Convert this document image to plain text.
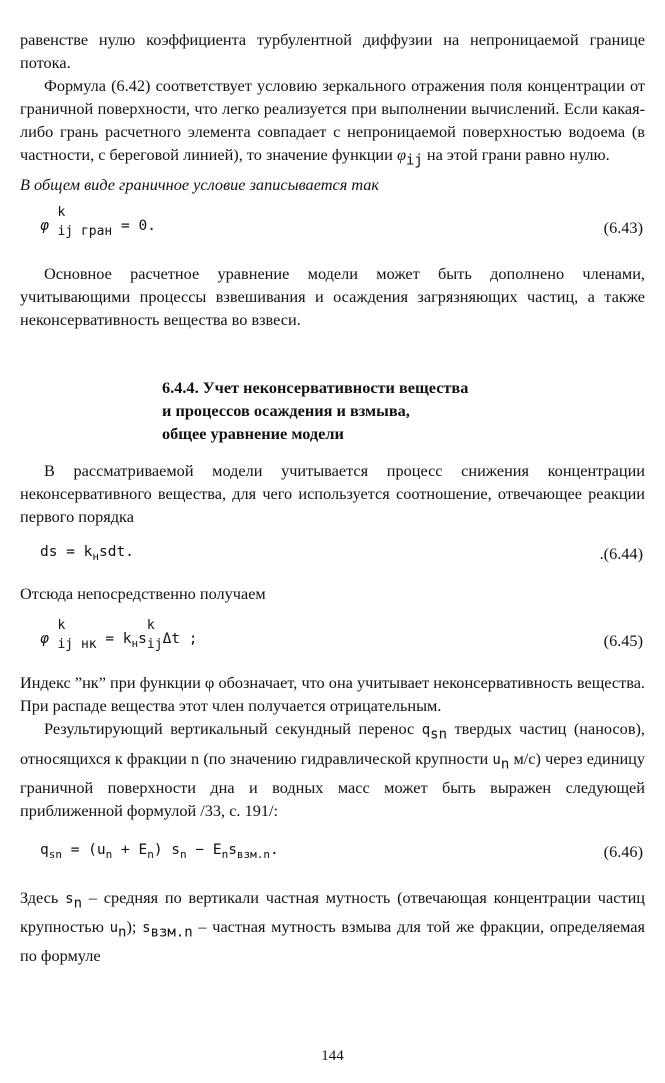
равенстве нулю коэффициента турбулентной диффузии на непроницаемой границе потока.

Формула (6.42) соответствует условию зеркального отражения поля концентрации от граничной поверхности, что легко реализуется при выполнении вычислений. Если какая-либо грань расчетного элемента совпадает с непроницаемой поверхностью водоема (в частности, с береговой линией), то значение функции $\varphi_{ij}$ на этой грани равно нулю.

В общем виде граничное условие записывается так

φ
k
ij гран = 0.	(6.43)

Основное расчетное уравнение модели может быть дополнено членами, учитывающими процессы взвешивания и осаждения загрязняющих частиц, а также неконсервативность вещества во взвеси.

6.4.4. Учет неконсервативности вещества
и процессов осаждения и взмыва,
общее уравнение модели

В рассматриваемой модели учитывается процесс снижения концентрации неконсервативного вещества, для чего используется соотношение, отвечающее реакции первого порядка

ds = $k_нsdt$.	.(6.44)

Отсюда непосредственно получаем

φ
k
ij нк = $k_нs$
k
ijΔt ;	(6.45)

Индекс ”нк” при функции φ обозначает, что она учитывает неконсервативность вещества. При распаде вещества этот член получается отрицательным.

Результирующий вертикальный секундный перенос $q_{sn}$ твердых частиц (наносов), относящихся к фракции n (по значению гидравлической крупности $u_n$ м/с) через единицу граничной поверхности дна и водных масс может быть выражен следующей приближенной формулой /33, с. 191/:

$q_{sn} = (u_n + E_n) s_n - E_ns_{взм.n}$.	(6.46)

Здесь $s_n$ – средняя по вертикали частная мутность (отвечающая концентрации частиц крупностью $u_n$); $s_{взм.n}$ – частная мутность взмыва для той же фракции, определяемая по формуле

144
